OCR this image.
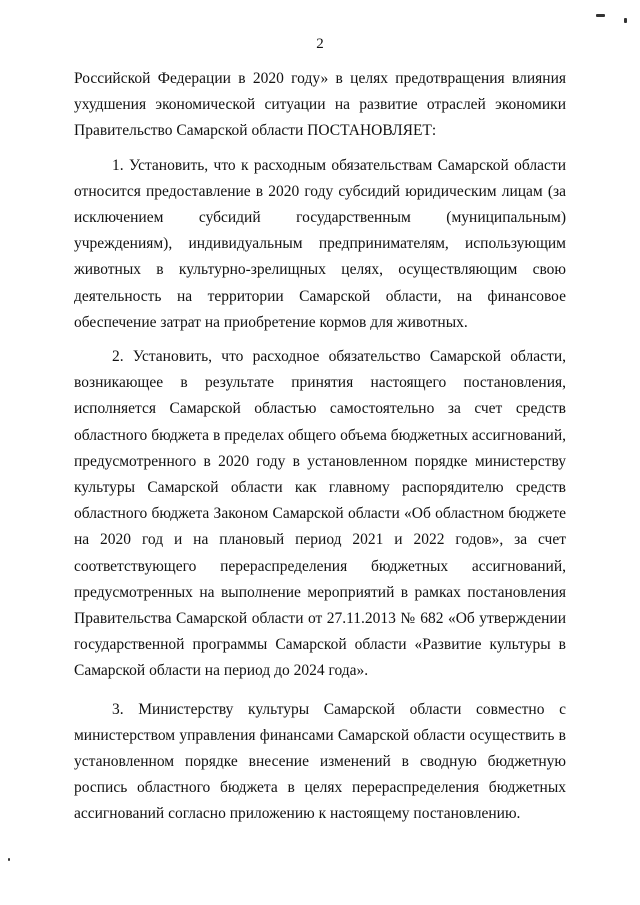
2

Российской Федерации в 2020 году» в целях предотвращения влияния ухудшения экономической ситуации на развитие отраслей экономики Правительство Самарской области ПОСТАНОВЛЯЕТ:

1. Установить, что к расходным обязательствам Самарской области относится предоставление в 2020 году субсидий юридическим лицам (за исключением субсидий государственным (муниципальным) учреждениям), индивидуальным предпринимателям, использующим животных в культурно-зрелищных целях, осуществляющим свою деятельность на территории Самарской области, на финансовое обеспечение затрат на приобретение кормов для животных.

2. Установить, что расходное обязательство Самарской области, возникающее в результате принятия настоящего постановления, исполняется Самарской областью самостоятельно за счет средств областного бюджета в пределах общего объема бюджетных ассигнований, предусмотренного в 2020 году в установленном порядке министерству культуры Самарской области как главному распорядителю средств областного бюджета Законом Самарской области «Об областном бюджете на 2020 год и на плановый период 2021 и 2022 годов», за счет соответствующего перераспределения бюджетных ассигнований, предусмотренных на выполнение мероприятий в рамках постановления Правительства Самарской области от 27.11.2013 № 682 «Об утверждении государственной программы Самарской области «Развитие культуры в Самарской области на период до 2024 года».

3. Министерству культуры Самарской области совместно с министерством управления финансами Самарской области осуществить в установленном порядке внесение изменений в сводную бюджетную роспись областного бюджета в целях перераспределения бюджетных ассигнований согласно приложению к настоящему постановлению.
